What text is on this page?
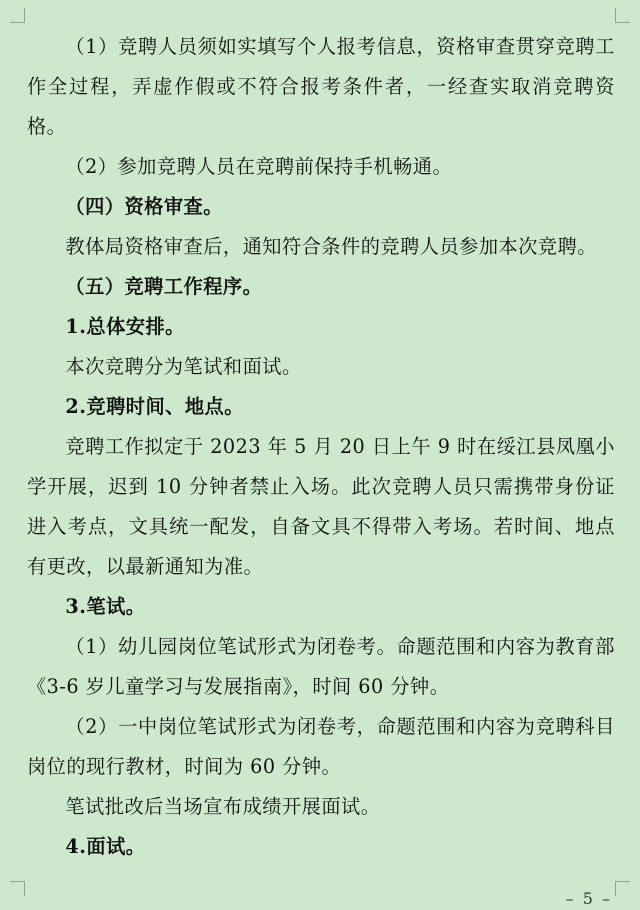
（1）竞聘人员须如实填写个人报考信息，资格审查贯穿竞聘工作全过程，弄虚作假或不符合报考条件者，一经查实取消竞聘资格。

（2）参加竞聘人员在竞聘前保持手机畅通。

（四）资格审查。

教体局资格审查后，通知符合条件的竞聘人员参加本次竞聘。

（五）竞聘工作程序。

1.总体安排。

本次竞聘分为笔试和面试。

2.竞聘时间、地点。

竞聘工作拟定于 2023 年 5 月 20 日上午 9 时在绥江县凤凰小学开展，迟到 10 分钟者禁止入场。此次竞聘人员只需携带身份证进入考点，文具统一配发，自备文具不得带入考场。若时间、地点有更改，以最新通知为准。

3.笔试。

（1）幼儿园岗位笔试形式为闭卷考。命题范围和内容为教育部《3-6 岁儿童学习与发展指南》，时间 60 分钟。

（2）一中岗位笔试形式为闭卷考，命题范围和内容为竞聘科目岗位的现行教材，时间为 60 分钟。

笔试批改后当场宣布成绩开展面试。

4.面试。

– 5 –
